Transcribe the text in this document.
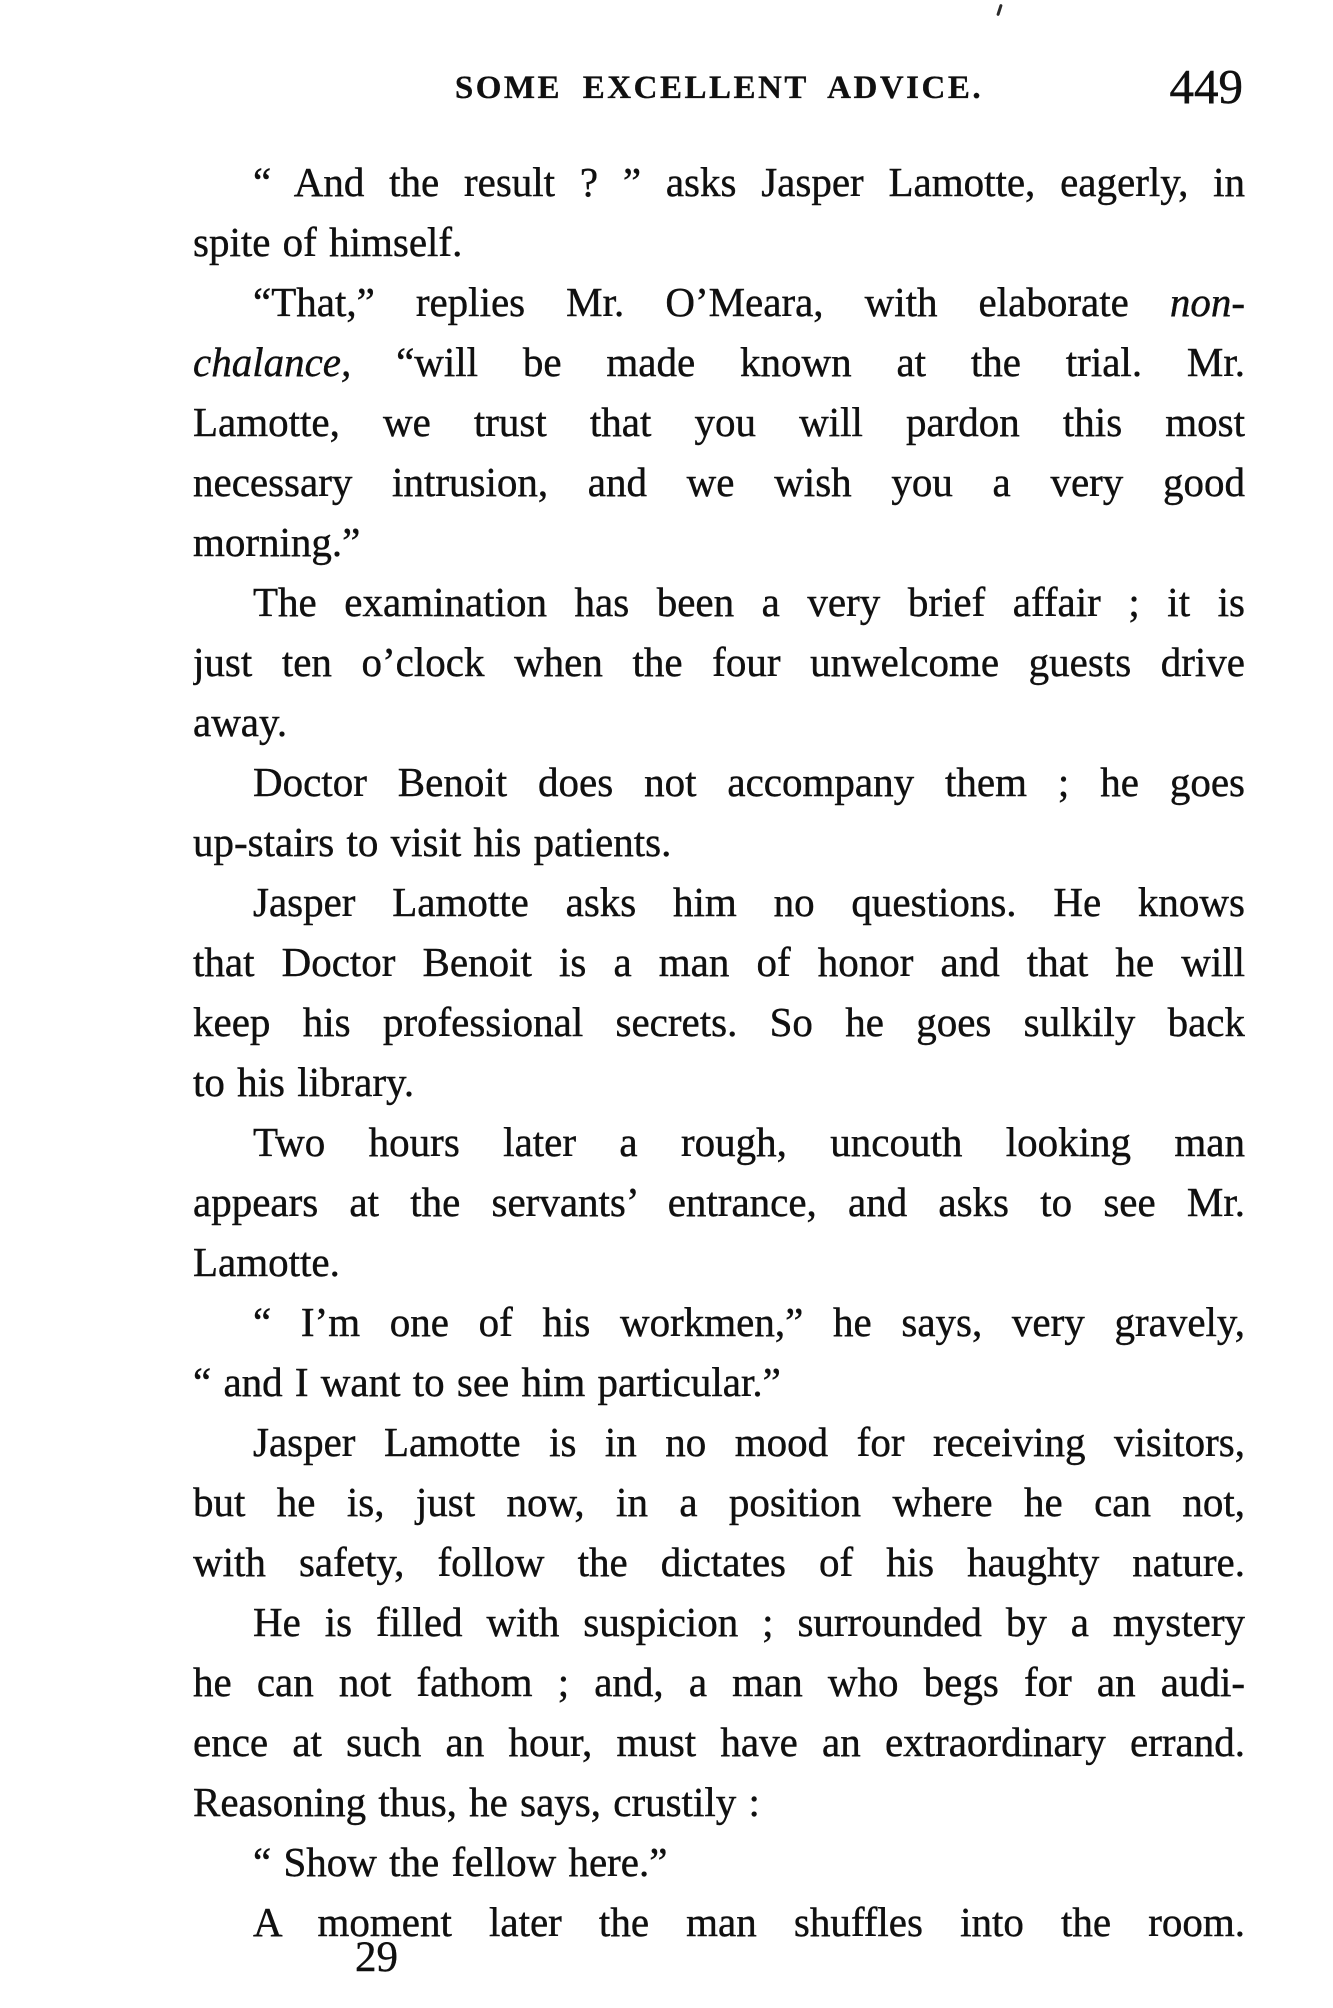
SOME EXCELLENT ADVICE.	449
“ And the result ? ” asks Jasper Lamotte, eagerly, in
spite of himself.
“That,” replies Mr. O’Meara, with elaborate non-
chalance, “will be made known at the trial. Mr.
Lamotte, we trust that you will pardon this most
necessary intrusion, and we wish you a very good
morning.”
The examination has been a very brief affair ; it is
just ten o’clock when the four unwelcome guests drive
away.
Doctor Benoit does not accompany them ; he goes
up-stairs to visit his patients.
Jasper Lamotte asks him no questions. He knows
that Doctor Benoit is a man of honor and that he will
keep his professional secrets. So he goes sulkily back
to his library.
Two hours later a rough, uncouth looking man
appears at the servants’ entrance, and asks to see Mr.
Lamotte.
“ I’m one of his workmen,” he says, very gravely,
“ and I want to see him particular.”
Jasper Lamotte is in no mood for receiving visitors,
but he is, just now, in a position where he can not,
with safety, follow the dictates of his haughty nature.
He is filled with suspicion ; surrounded by a mystery
he can not fathom ; and, a man who begs for an audi-
ence at such an hour, must have an extraordinary errand.
Reasoning thus, he says, crustily :
“ Show the fellow here.”
A moment later the man shuffles into the room.
29
